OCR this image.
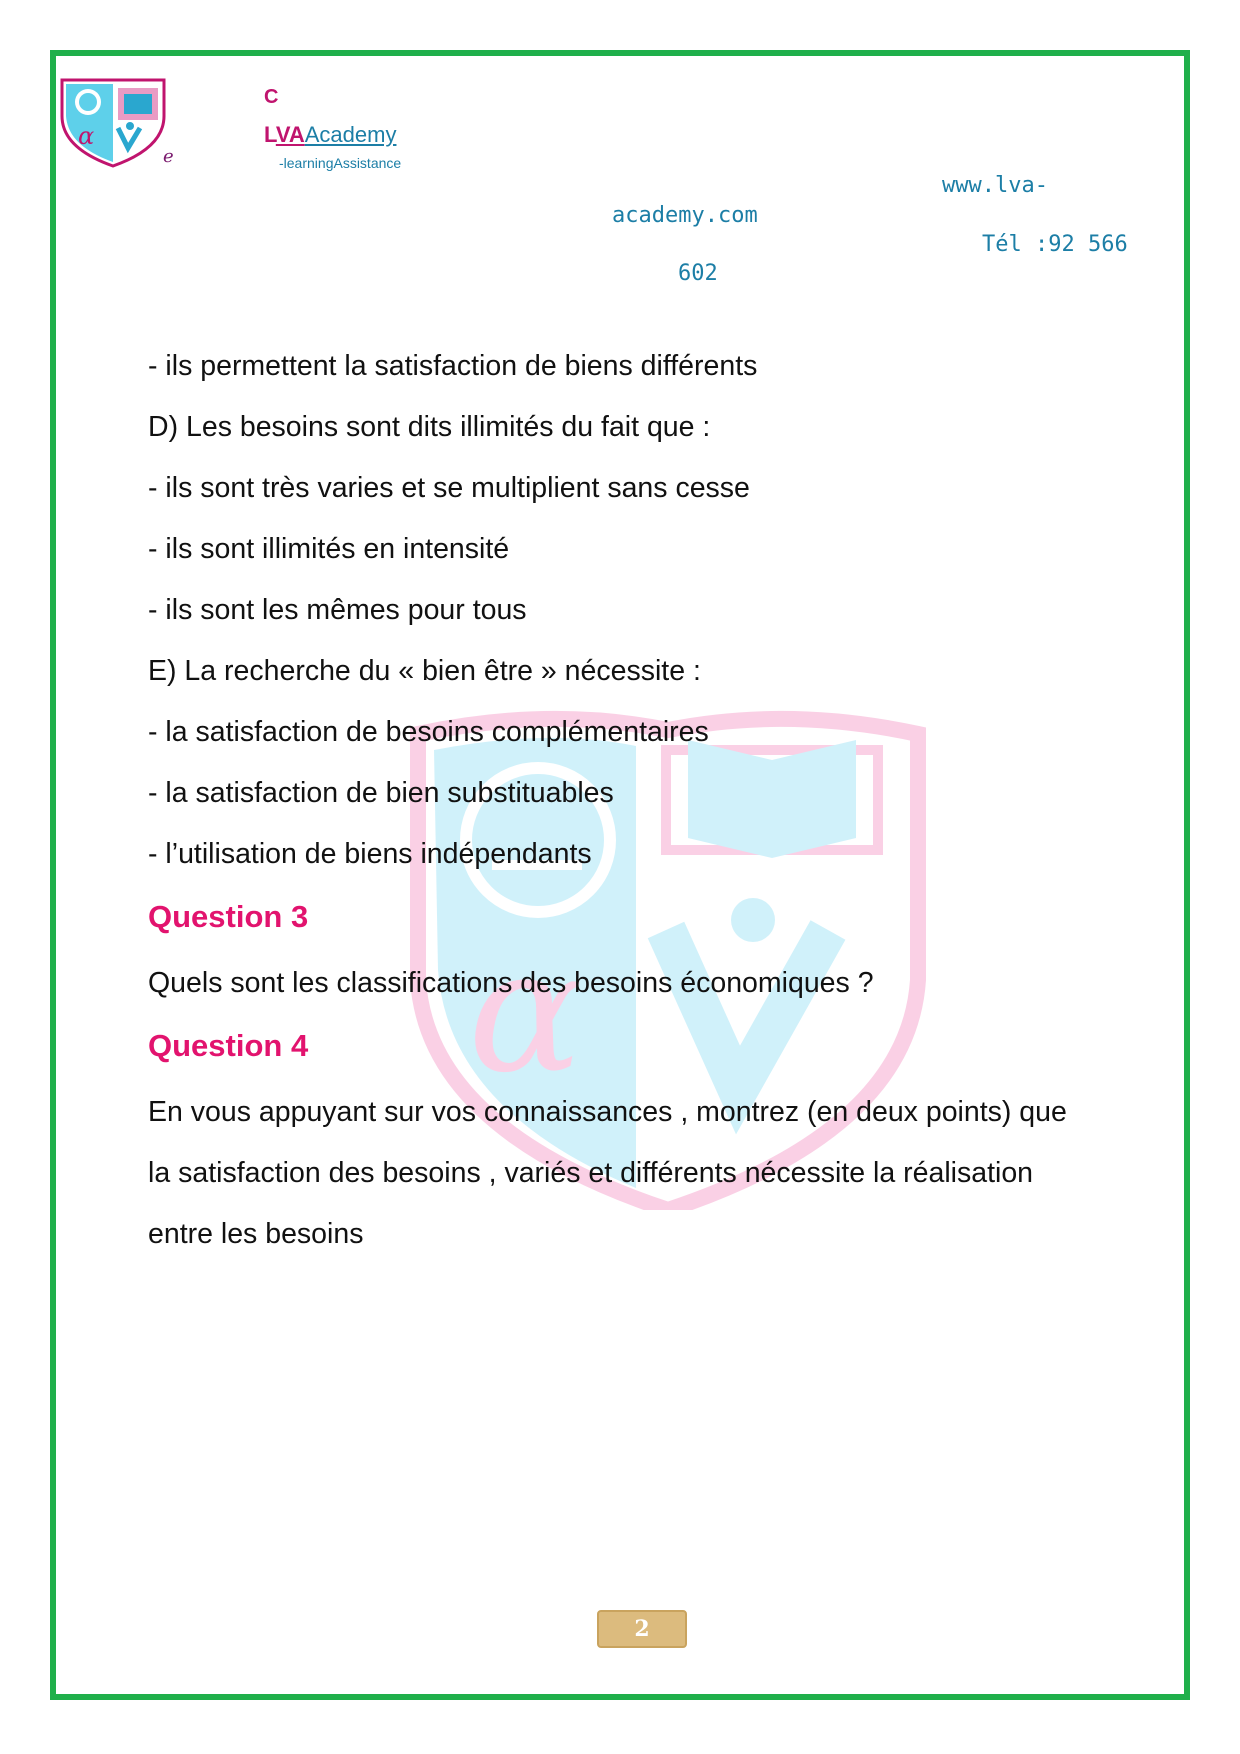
α
e
C
LVAAcademy
-learningAssistance
www.lva-
academy.com
Tél :92 566
602
α
- ils permettent la satisfaction de biens différents
D) Les besoins sont dits illimités du fait que :
- ils sont très varies et se multiplient sans cesse
- ils sont illimités en intensité
- ils sont les mêmes pour tous
E) La recherche du « bien être » nécessite :
- la satisfaction de besoins complémentaires
- la satisfaction de bien substituables
- l’utilisation de biens indépendants
Question 3
Quels sont les classifications des besoins économiques ?
Question 4
En vous appuyant sur vos connaissances , montrez (en deux points) que
la satisfaction des besoins , variés et différents nécessite la réalisation
entre les besoins
2
